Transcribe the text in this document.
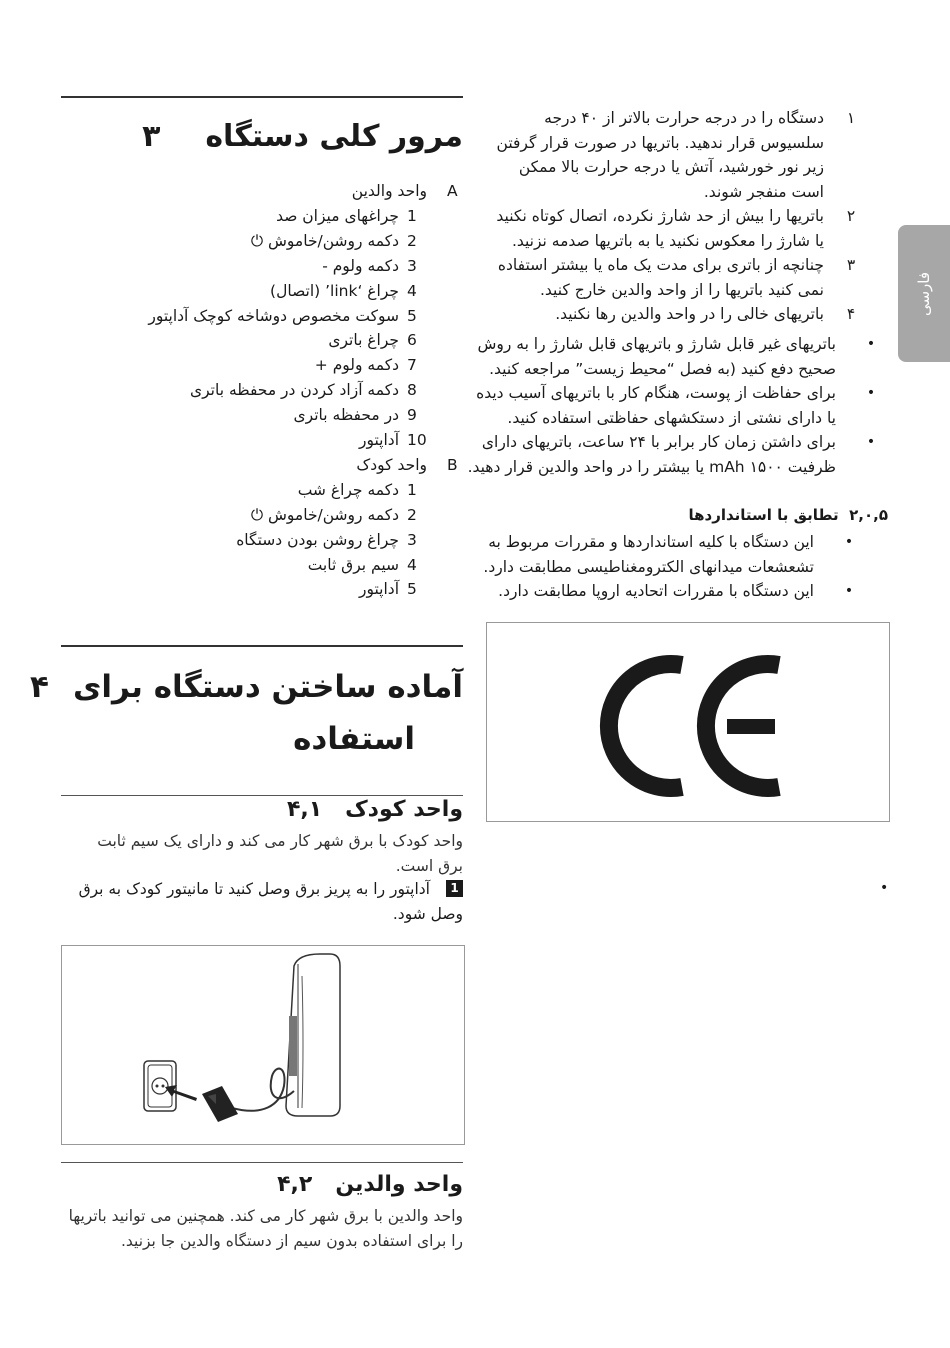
فارسی
۱
دستگاه را در درجه حرارت بالاتر از ۴۰ درجه سلسیوس قرار ندهید. باتریها در صورت قرار گرفتن زیر نور خورشید، آتش یا درجه حرارت بالا ممکن است منفجر شوند.
۲
باتریها را بیش از حد شارژ نکرده، اتصال کوتاه نکنید یا شارژ را معکوس نکنید یا به باتریها صدمه نزنید.
۳
چنانچه از باتری برای مدت یک ماه یا بیشتر استفاده نمی کنید باتریها را از واحد والدین خارج کنید.
۴
باتریهای خالی را در واحد والدین رها نکنید.
•
باتریهای غیر قابل شارژ و باتریهای قابل شارژ را به روش صحیح دفع کنید (به فصل “محیط زیست” مراجعه کنید.
•
برای حفاظت از پوست، هنگام کار با باتریهای آسیب دیده یا دارای نشتی از دستکشهای حفاظتی استفاده کنید.
•
برای داشتن زمان کار برابر با ۲۴ ساعت، باتریهای دارای ظرفیت ۱۵۰۰ mAh یا بیشتر را در واحد والدین قرار دهید.
۲,۰,۵  تطابق با استانداردها
•
این دستگاه با کلیه استانداردها و مقررات مربوط به تشعشعات میدانهای الکترومغناطیسی مطابقت دارد.
•
این دستگاه با مقررات اتحادیه اروپا مطابقت دارد.
•
مرور کلی دستگاه  ۳
A
واحد والدین
1
چراغهای میزان صد
2
دکمه روشن/خاموش ⏻
3
دکمه ولوم -
4
چراغ ‘link’ (اتصال)
5
سوکت مخصوص دوشاخه کوچک آداپتور
6
چراغ باتری
7
دکمه ولوم +
8
دکمه آزاد کردن در محفظه باتری
9
در محفظه باتری
10
آداپتور
B
واحد کودک
1
دکمه چراغ شب
2
دکمه روشن/خاموش ⏻
3
چراغ روشن بودن دستگاه
4
سیم برق ثابت
5
آداپتور
آماده ساختن دستگاه برای۴
استفاده
واحد کودک   ۴,۱
واحد کودک با برق شهر کار می کند و دارای یک سیم ثابت برق است.
1
آداپتور را به پریز برق وصل کنید تا مانیتور کودک به برق وصل شود.
واحد والدین   ۴,۲
واحد والدین با برق شهر کار می کند. همچنین می توانید باتریها را برای استفاده بدون سیم از دستگاه والدین جا بزنید.
